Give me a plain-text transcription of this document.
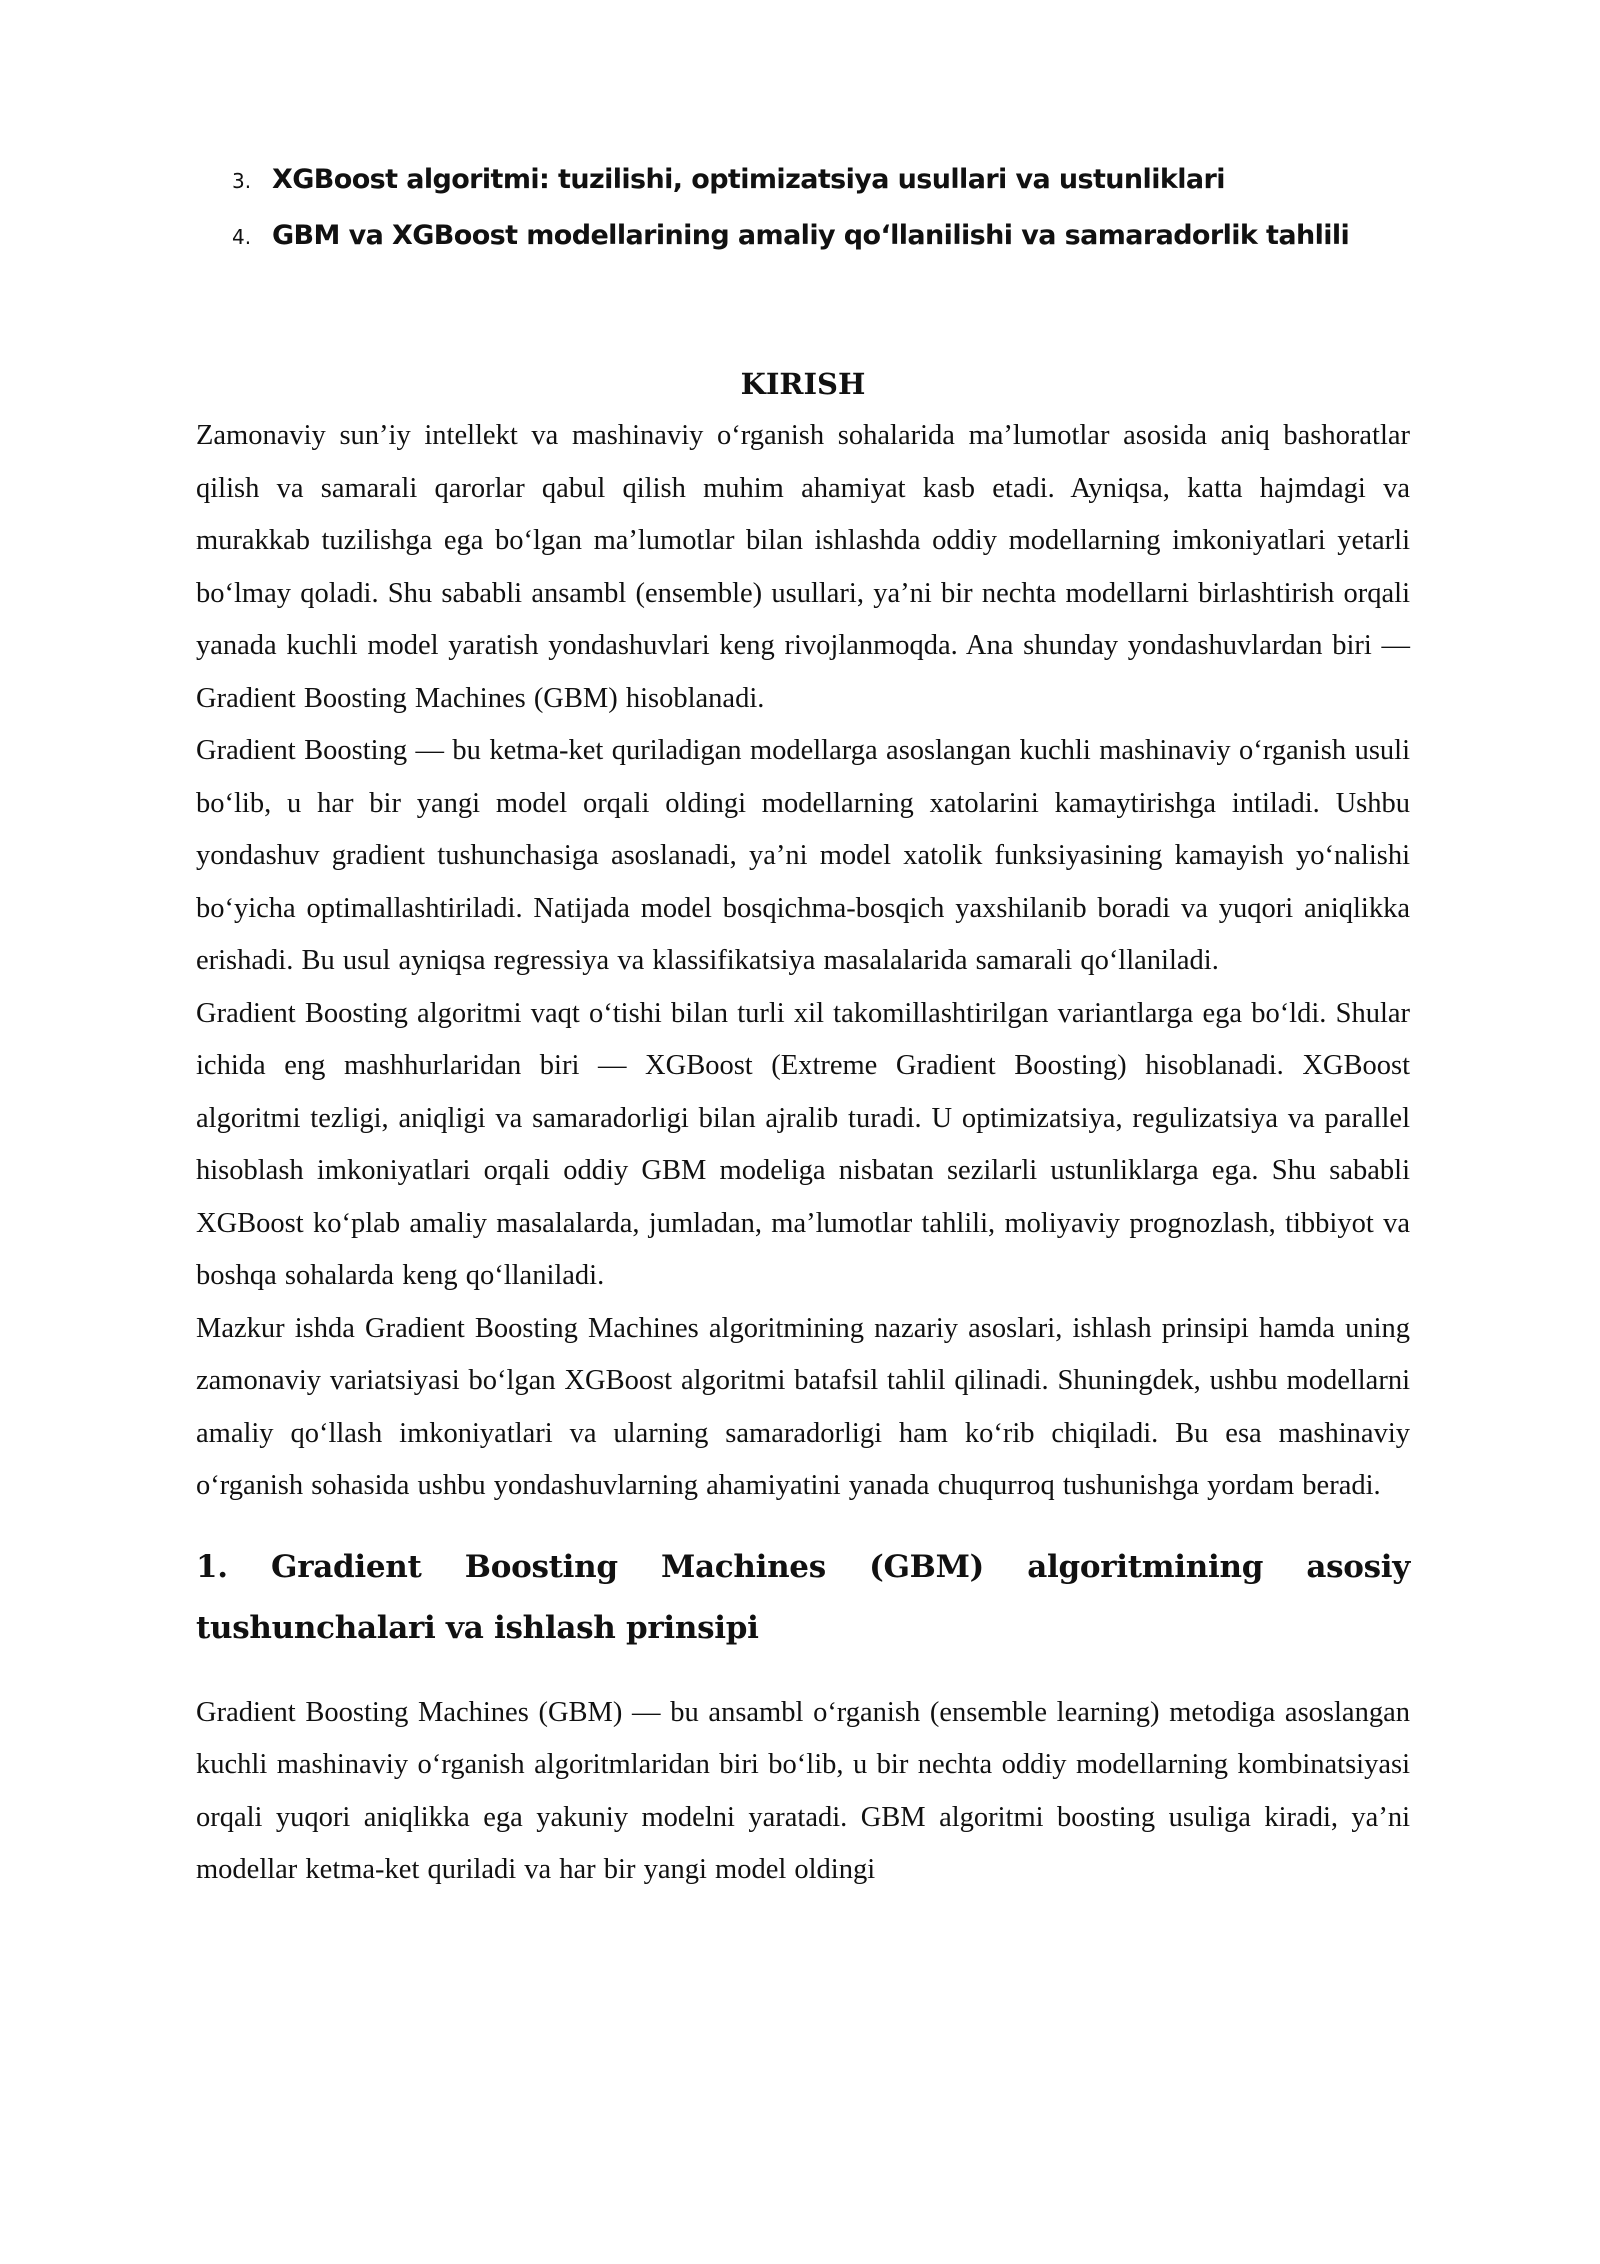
3. XGBoost algoritmi: tuzilishi, optimizatsiya usullari va ustunliklari
4. GBM va XGBoost modellarining amaliy qo‘llanilishi va samaradorlik tahlili
KIRISH

Zamonaviy sun’iy intellekt va mashinaviy o‘rganish sohalarida ma’lumotlar asosida aniq bashoratlar qilish va samarali qarorlar qabul qilish muhim ahamiyat kasb etadi. Ayniqsa, katta hajmdagi va murakkab tuzilishga ega bo‘lgan ma’lumotlar bilan ishlashda oddiy modellarning imkoniyatlari yetarli bo‘lmay qoladi. Shu sababli ansambl (ensemble) usullari, ya’ni bir nechta modellarni birlashtirish orqali yanada kuchli model yaratish yondashuvlari keng rivojlanmoqda. Ana shunday yondashuvlardan biri — Gradient Boosting Machines (GBM) hisoblanadi.

Gradient Boosting — bu ketma-ket quriladigan modellarga asoslangan kuchli mashinaviy o‘rganish usuli bo‘lib, u har bir yangi model orqali oldingi modellarning xatolarini kamaytirishga intiladi. Ushbu yondashuv gradient tushunchasiga asoslanadi, ya’ni model xatolik funksiyasining kamayish yo‘nalishi bo‘yicha optimallashtiriladi. Natijada model bosqichma-bosqich yaxshilanib boradi va yuqori aniqlikka erishadi. Bu usul ayniqsa regressiya va klassifikatsiya masalalarida samarali qo‘llaniladi.

Gradient Boosting algoritmi vaqt o‘tishi bilan turli xil takomillashtirilgan variantlarga ega bo‘ldi. Shular ichida eng mashhurlaridan biri — XGBoost (Extreme Gradient Boosting) hisoblanadi. XGBoost algoritmi tezligi, aniqligi va samaradorligi bilan ajralib turadi. U optimizatsiya, regulizatsiya va parallel hisoblash imkoniyatlari orqali oddiy GBM modeliga nisbatan sezilarli ustunliklarga ega. Shu sababli XGBoost ko‘plab amaliy masalalarda, jumladan, ma’lumotlar tahlili, moliyaviy prognozlash, tibbiyot va boshqa sohalarda keng qo‘llaniladi.

Mazkur ishda Gradient Boosting Machines algoritmining nazariy asoslari, ishlash prinsipi hamda uning zamonaviy variatsiyasi bo‘lgan XGBoost algoritmi batafsil tahlil qilinadi. Shuningdek, ushbu modellarni amaliy qo‘llash imkoniyatlari va ularning samaradorligi ham ko‘rib chiqiladi. Bu esa mashinaviy o‘rganish sohasida ushbu yondashuvlarning ahamiyatini yanada chuqurroq tushunishga yordam beradi.

1. Gradient Boosting Machines (GBM) algoritmining asosiy tushunchalari va ishlash prinsipi

Gradient Boosting Machines (GBM) — bu ansambl o‘rganish (ensemble learning) metodiga asoslangan kuchli mashinaviy o‘rganish algoritmlaridan biri bo‘lib, u bir nechta oddiy modellarning kombinatsiyasi orqali yuqori aniqlikka ega yakuniy modelni yaratadi. GBM algoritmi boosting usuliga kiradi, ya’ni modellar ketma-ket quriladi va har bir yangi model oldingi
